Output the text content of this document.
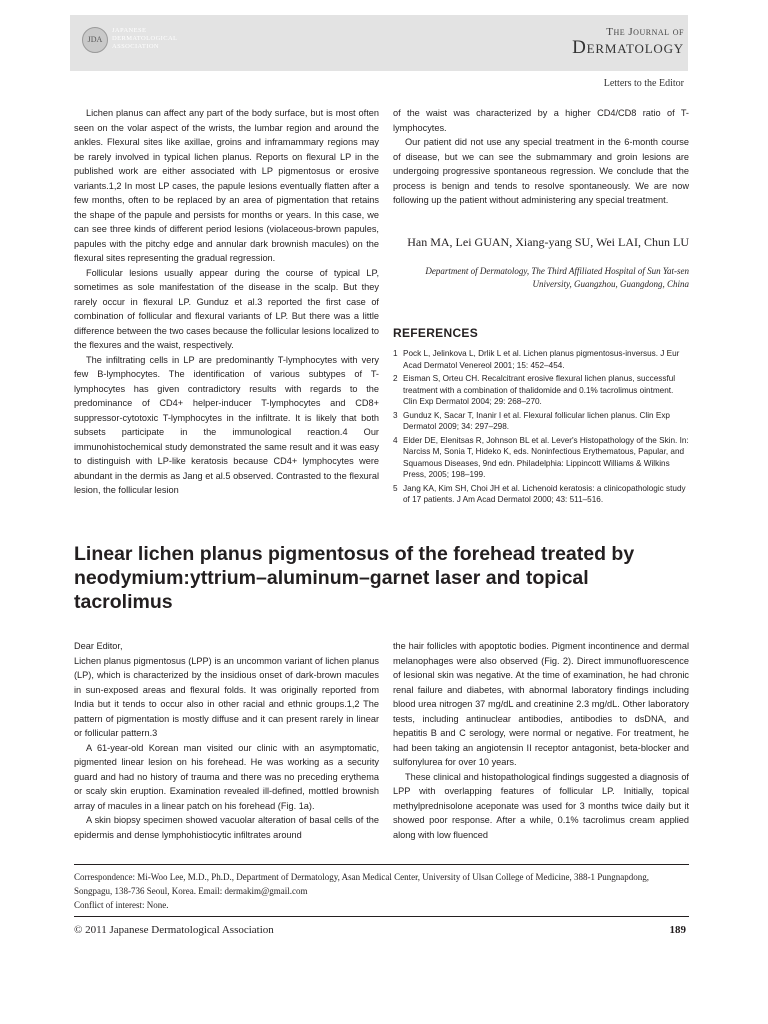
JDA
JAPANESE
DERMATOLOGICAL
ASSOCIATION
The Journal of
Dermatology
Letters to the Editor

Lichen planus can affect any part of the body surface, but is most often seen on the volar aspect of the wrists, the lumbar region and around the ankles. Flexural sites like axillae, groins and inframammary regions may be rarely involved in typical lichen planus. Reports on flexural LP in the published work are either associated with LP pigmentosus or erosive variants.1,2 In most LP cases, the papule lesions eventually flatten after a few months, often to be replaced by an area of pigmentation that retains the shape of the papule and persists for months or years. In this case, we can see three kinds of different period lesions (violaceous-brown papules, papules with the pitchy edge and annular dark brownish macules) on the flexural sites representing the gradual regression.

Follicular lesions usually appear during the course of typical LP, sometimes as sole manifestation of the disease in the scalp. But they rarely occur in flexural LP. Gunduz et al.3 reported the first case of combination of follicular and flexural variants of LP. But there was a little difference between the two cases because the follicular lesions localized to the flexures and the waist, respectively.

The infiltrating cells in LP are predominantly T-lymphocytes with very few B-lymphocytes. The identification of various subtypes of T-lymphocytes has given contradictory results with regards to the predominance of CD4+ helper-inducer T-lymphocytes and CD8+ suppressor-cytotoxic T-lymphocytes in the infiltrate. It is likely that both subsets participate in the immunological reaction.4 Our immunohistochemical study demonstrated the same result and it was easy to distinguish with LP-like keratosis because CD4+ lymphocytes were abundant in the dermis as Jang et al.5 observed. Contrasted to the flexural lesion, the follicular lesion

of the waist was characterized by a higher CD4/CD8 ratio of T-lymphocytes.

Our patient did not use any special treatment in the 6-month course of disease, but we can see the submammary and groin lesions are undergoing progressive spontaneous regression. We conclude that the process is benign and tends to resolve spontaneously. We are now following up the patient without administering any special treatment.

Han MA, Lei GUAN, Xiang-yang SU, Wei LAI, Chun LU
Department of Dermatology, The Third Affiliated Hospital of Sun Yat-sen University, Guangzhou, Guangdong, China
REFERENCES
1 Pock L, Jelinkova L, Drlik L et al. Lichen planus pigmentosus-inversus. J Eur Acad Dermatol Venereol 2001; 15: 452–454.
2 Eisman S, Orteu CH. Recalcitrant erosive flexural lichen planus, successful treatment with a combination of thalidomide and 0.1% tacrolimus ointment. Clin Exp Dermatol 2004; 29: 268–270.
3 Gunduz K, Sacar T, Inanir I et al. Flexural follicular lichen planus. Clin Exp Dermatol 2009; 34: 297–298.
4 Elder DE, Elenitsas R, Johnson BL et al. Lever's Histopathology of the Skin. In: Narciss M, Sonia T, Hideko K, eds. Noninfectious Erythematous, Papular, and Squamous Diseases, 9nd edn. Philadelphia: Lippincott Williams & Wilkins Press, 2005; 198–199.
5 Jang KA, Kim SH, Choi JH et al. Lichenoid keratosis: a clinicopathologic study of 17 patients. J Am Acad Dermatol 2000; 43: 511–516.
Linear lichen planus pigmentosus of the forehead treated by neodymium:yttrium–aluminum–garnet laser and topical tacrolimus

Dear Editor,

Lichen planus pigmentosus (LPP) is an uncommon variant of lichen planus (LP), which is characterized by the insidious onset of dark-brown macules in sun-exposed areas and flexural folds. It was originally reported from India but it tends to occur also in other racial and ethnic groups.1,2 The pattern of pigmentation is mostly diffuse and it can present rarely in linear or follicular pattern.3

A 61-year-old Korean man visited our clinic with an asymptomatic, pigmented linear lesion on his forehead. He was working as a security guard and had no history of trauma and there was no preceding erythema or scaly skin eruption. Examination revealed ill-defined, mottled brownish array of macules in a linear patch on his forehead (Fig. 1a).

A skin biopsy specimen showed vacuolar alteration of basal cells of the epidermis and dense lymphohistiocytic infiltrates around

the hair follicles with apoptotic bodies. Pigment incontinence and dermal melanophages were also observed (Fig. 2). Direct immunofluorescence of lesional skin was negative. At the time of examination, he had chronic renal failure and diabetes, with abnormal laboratory findings including blood urea nitrogen 37 mg/dL and creatinine 2.3 mg/dL. Other laboratory tests, including antinuclear antibodies, antibodies to dsDNA, and hepatitis B and C serology, were normal or negative. For treatment, he had been taking an angiotensin II receptor antagonist, beta-blocker and sulfonylurea for over 10 years.

These clinical and histopathological findings suggested a diagnosis of LPP with overlapping features of follicular LP. Initially, topical methylprednisolone aceponate was used for 3 months twice daily but it showed poor response. After a while, 0.1% tacrolimus cream applied along with low fluenced

Correspondence: Mi-Woo Lee, M.D., Ph.D., Department of Dermatology, Asan Medical Center, University of Ulsan College of Medicine, 388-1 Pungnapdong, Songpagu, 138-736 Seoul, Korea. Email: dermakim@gmail.com
Conflict of interest: None.
© 2011 Japanese Dermatological Association	189
